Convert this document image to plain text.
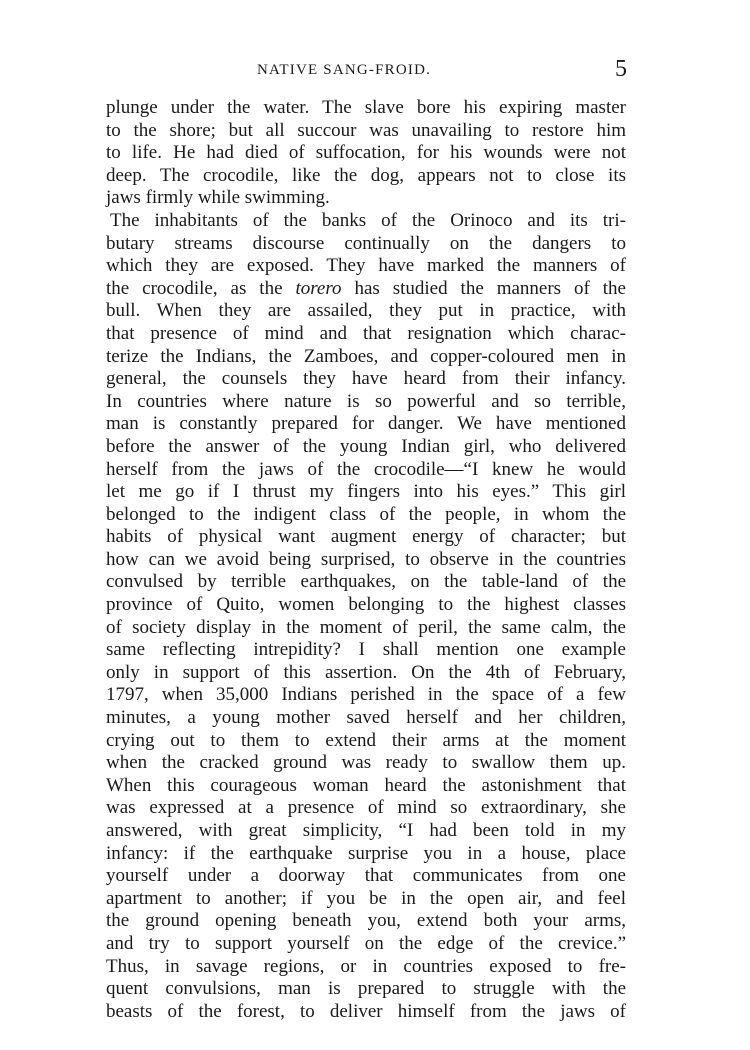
NATIVE SANG-FROID.	5
plunge under the water. The slave bore his expiring master
to the shore; but all succour was unavailing to restore him
to life. He had died of suffocation, for his wounds were not
deep. The crocodile, like the dog, appears not to close its
jaws firmly while swimming.
The inhabitants of the banks of the Orinoco and its tri-
butary streams discourse continually on the dangers to
which they are exposed. They have marked the manners of
the crocodile, as the torero has studied the manners of the
bull. When they are assailed, they put in practice, with
that presence of mind and that resignation which charac-
terize the Indians, the Zamboes, and copper-coloured men in
general, the counsels they have heard from their infancy.
In countries where nature is so powerful and so terrible,
man is constantly prepared for danger. We have mentioned
before the answer of the young Indian girl, who delivered
herself from the jaws of the crocodile—“I knew he would
let me go if I thrust my fingers into his eyes.” This girl
belonged to the indigent class of the people, in whom the
habits of physical want augment energy of character; but
how can we avoid being surprised, to observe in the countries
convulsed by terrible earthquakes, on the table-land of the
province of Quito, women belonging to the highest classes
of society display in the moment of peril, the same calm, the
same reflecting intrepidity? I shall mention one example
only in support of this assertion. On the 4th of February,
1797, when 35,000 Indians perished in the space of a few
minutes, a young mother saved herself and her children,
crying out to them to extend their arms at the moment
when the cracked ground was ready to swallow them up.
When this courageous woman heard the astonishment that
was expressed at a presence of mind so extraordinary, she
answered, with great simplicity, “I had been told in my
infancy: if the earthquake surprise you in a house, place
yourself under a doorway that communicates from one
apartment to another; if you be in the open air, and feel
the ground opening beneath you, extend both your arms,
and try to support yourself on the edge of the crevice.”
Thus, in savage regions, or in countries exposed to fre-
quent convulsions, man is prepared to struggle with the
beasts of the forest, to deliver himself from the jaws of
